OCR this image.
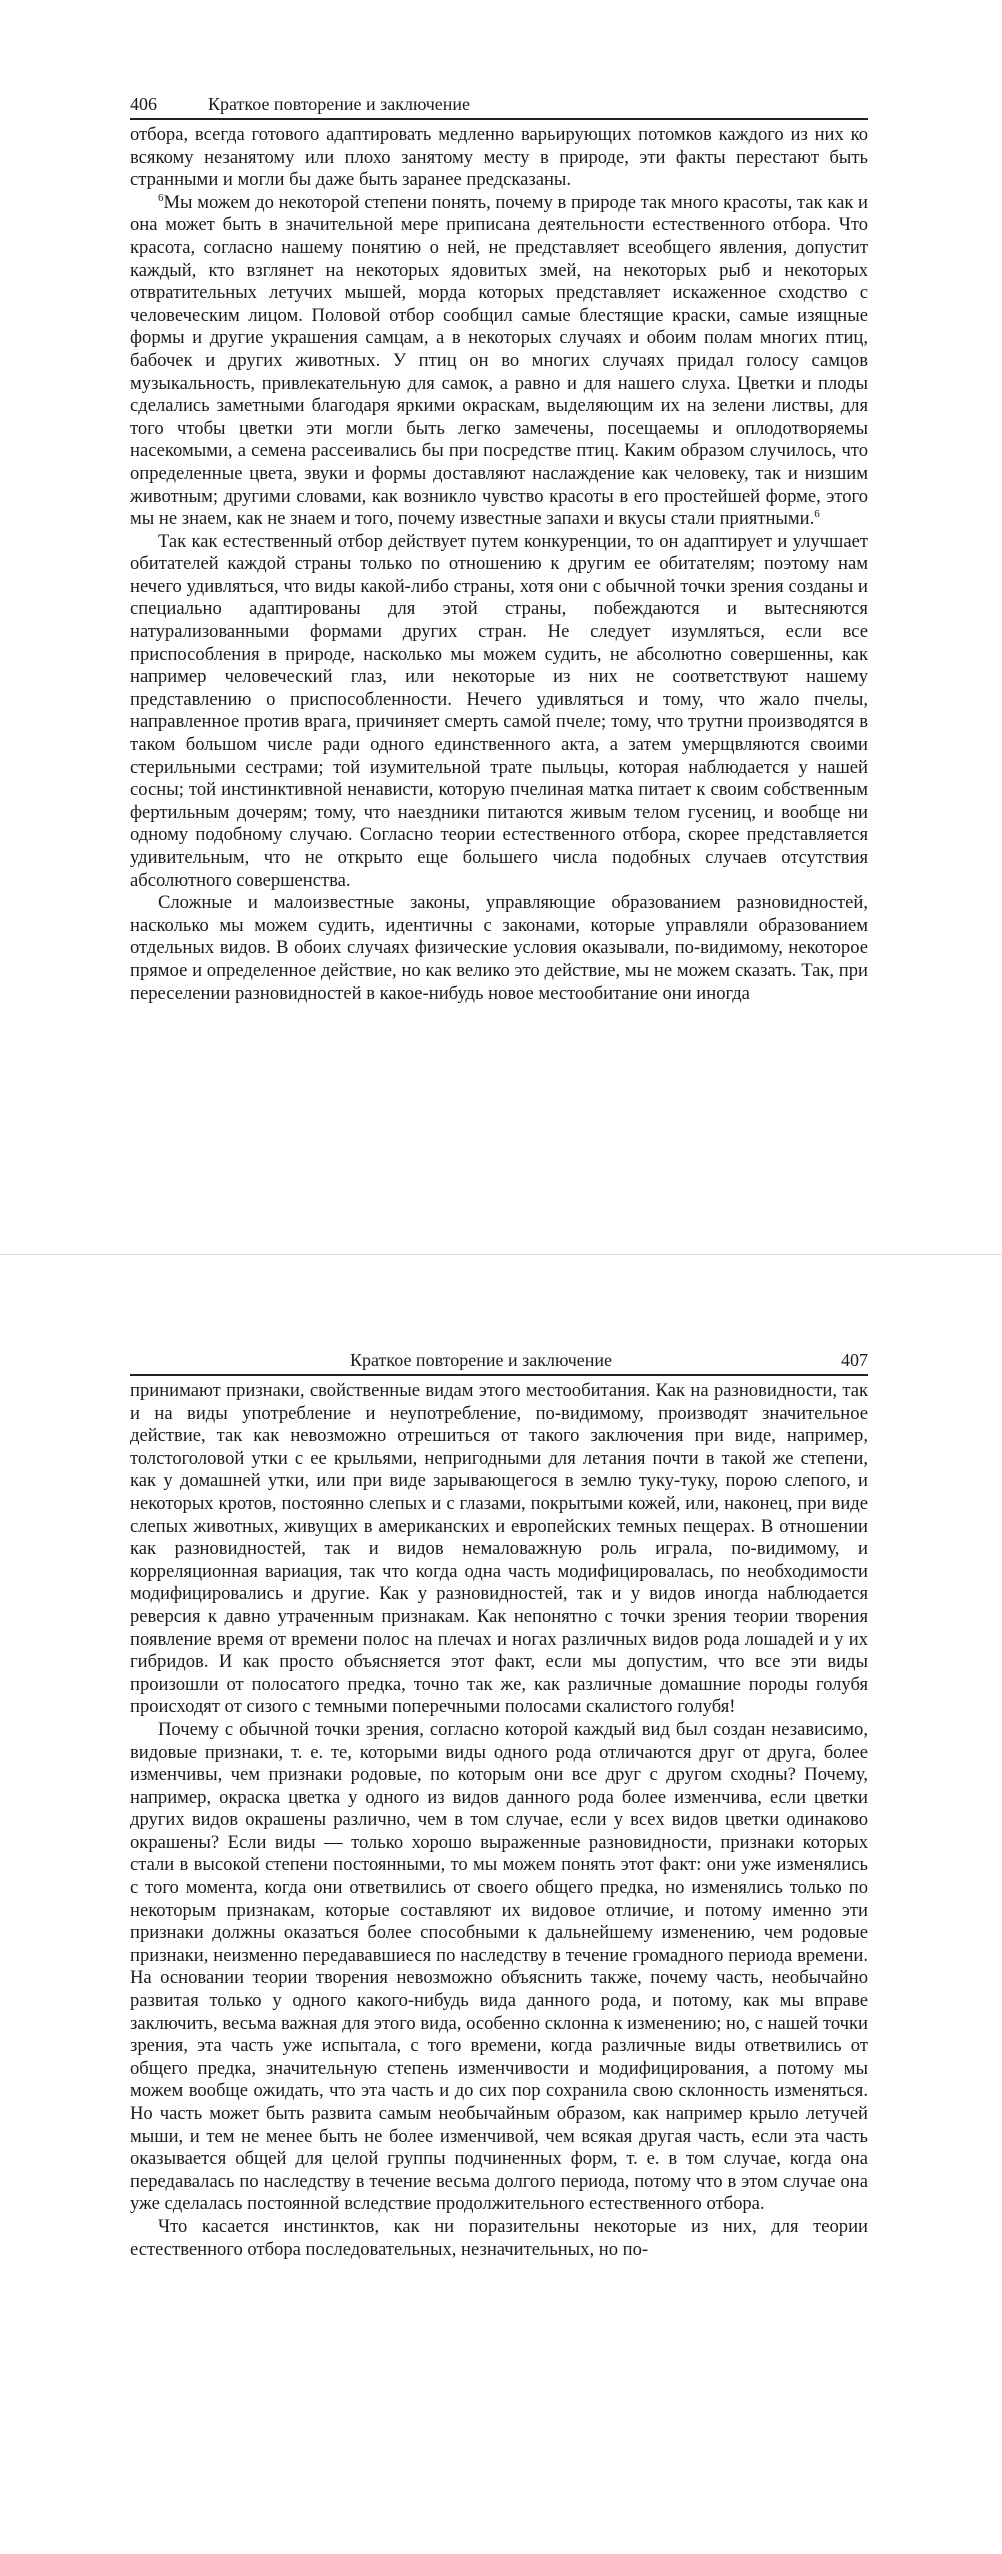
406	Краткое повторение и заключение

отбора, всегда готового адаптировать медленно варьирующих потомков каждого из них ко всякому незанятому или плохо занятому месту в природе, эти факты перестают быть странными и могли бы даже быть заранее предсказаны.

$^6$Мы можем до некоторой степени понять, почему в природе так много красоты, так как и она может быть в значительной мере приписана деятельности естественного отбора. Что красота, согласно нашему понятию о ней, не представляет всеобщего явления, допустит каждый, кто взглянет на некоторых ядовитых змей, на некоторых рыб и некоторых отвратительных летучих мышей, морда которых представляет искаженное сходство с человеческим лицом. Половой отбор сообщил самые блестящие краски, самые изящные формы и другие украшения самцам, а в некоторых случаях и обоим полам многих птиц, бабочек и других животных. У птиц он во многих случаях придал голосу самцов музыкальность, привлекательную для самок, а равно и для нашего слуха. Цветки и плоды сделались заметными благодаря яркими окраскам, выделяющим их на зелени листвы, для того чтобы цветки эти могли быть легко замечены, посещаемы и оплодотворяемы насекомыми, а семена рассеивались бы при посредстве птиц. Каким образом случилось, что определенные цвета, звуки и формы доставляют наслаждение как человеку, так и низшим животным; другими словами, как возникло чувство красоты в его простейшей форме, этого мы не знаем, как не знаем и того, почему известные запахи и вкусы стали приятными.$^6$

Так как естественный отбор действует путем конкуренции, то он адаптирует и улучшает обитателей каждой страны только по отношению к другим ее обитателям; поэтому нам нечего удивляться, что виды какой-либо страны, хотя они с обычной точки зрения созданы и специально адаптированы для этой страны, побеждаются и вытесняются натурализованными формами других стран. Не следует изумляться, если все приспособления в природе, насколько мы можем судить, не абсолютно совершенны, как например человеческий глаз, или некоторые из них не соответствуют нашему представлению о приспособленности. Нечего удивляться и тому, что жало пчелы, направленное против врага, причиняет смерть самой пчеле; тому, что трутни производятся в таком большом числе ради одного единственного акта, а затем умерщвляются своими стерильными сестрами; той изумительной трате пыльцы, которая наблюдается у нашей сосны; той инстинктивной ненависти, которую пчелиная матка питает к своим собственным фертильным дочерям; тому, что наездники питаются живым телом гусениц, и вообще ни одному подобному случаю. Согласно теории естественного отбора, скорее представляется удивительным, что не открыто еще большего числа подобных случаев отсутствия абсолютного совершенства.

Сложные и малоизвестные законы, управляющие образованием разновидностей, насколько мы можем судить, идентичны с законами, которые управляли образованием отдельных видов. В обоих случаях физические условия оказывали, по-видимому, некоторое прямое и определенное действие, но как велико это действие, мы не можем сказать. Так, при переселении разновидностей в какое-нибудь новое местообитание они иногда

Краткое повторение и заключение	407

принимают признаки, свойственные видам этого местообитания. Как на разновидности, так и на виды употребление и неупотребление, по-видимому, производят значительное действие, так как невозможно отрешиться от такого заключения при виде, например, толстоголовой утки с ее крыльями, непригодными для летания почти в такой же степени, как у домашней утки, или при виде зарывающегося в землю туку-туку, порою слепого, и некоторых кротов, постоянно слепых и с глазами, покрытыми кожей, или, наконец, при виде слепых животных, живущих в американских и европейских темных пещерах. В отношении как разновидностей, так и видов немаловажную роль играла, по-видимому, и корреляционная вариация, так что когда одна часть модифицировалась, по необходимости модифицировались и другие. Как у разновидностей, так и у видов иногда наблюдается реверсия к давно утраченным признакам. Как непонятно с точки зрения теории творения появление время от времени полос на плечах и ногах различных видов рода лошадей и у их гибридов. И как просто объясняется этот факт, если мы допустим, что все эти виды произошли от полосатого предка, точно так же, как различные домашние породы голубя происходят от сизого с темными поперечными полосами скалистого голубя!

Почему с обычной точки зрения, согласно которой каждый вид был создан независимо, видовые признаки, т. е. те, которыми виды одного рода отличаются друг от друга, более изменчивы, чем признаки родовые, по которым они все друг с другом сходны? Почему, например, окраска цветка у одного из видов данного рода более изменчива, если цветки других видов окрашены различно, чем в том случае, если у всех видов цветки одинаково окрашены? Если виды — только хорошо выраженные разновидности, признаки которых стали в высокой степени постоянными, то мы можем понять этот факт: они уже изменялись с того момента, когда они ответвились от своего общего предка, но изменялись только по некоторым признакам, которые составляют их видовое отличие, и потому именно эти признаки должны оказаться более способными к дальнейшему изменению, чем родовые признаки, неизменно передававшиеся по наследству в течение громадного периода времени. На основании теории творения невозможно объяснить также, почему часть, необычайно развитая только у одного какого-нибудь вида данного рода, и потому, как мы вправе заключить, весьма важная для этого вида, особенно склонна к изменению; но, с нашей точки зрения, эта часть уже испытала, с того времени, когда различные виды ответвились от общего предка, значительную степень изменчивости и модифицирования, а потому мы можем вообще ожидать, что эта часть и до сих пор сохранила свою склонность изменяться. Но часть может быть развита самым необычайным образом, как например крыло летучей мыши, и тем не менее быть не более изменчивой, чем всякая другая часть, если эта часть оказывается общей для целой группы подчиненных форм, т. е. в том случае, когда она передавалась по наследству в течение весьма долгого периода, потому что в этом случае она уже сделалась постоянной вследствие продолжительного естественного отбора.

Что касается инстинктов, как ни поразительны некоторые из них, для теории естественного отбора последовательных, незначительных, но по-
